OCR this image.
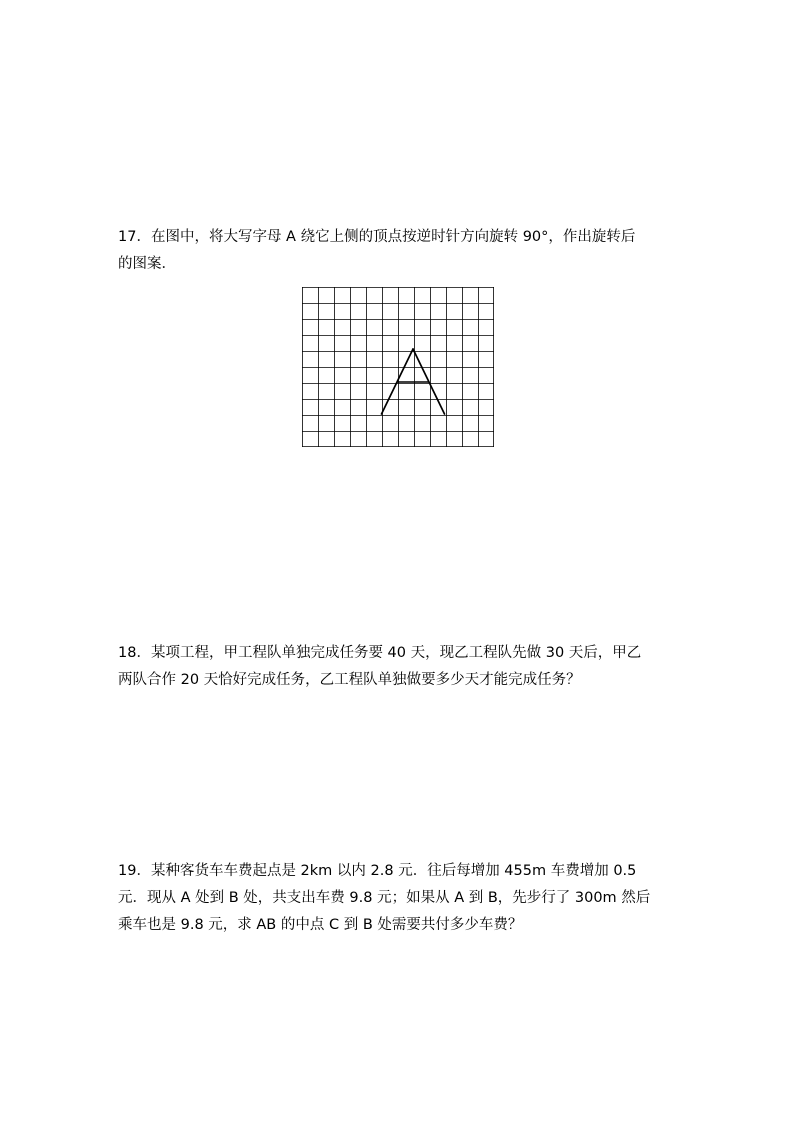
17．在图中，将大写字母 A 绕它上侧的顶点按逆时针方向旋转 90°，作出旋转后
的图案．
18．某项工程，甲工程队单独完成任务要 40 天，现乙工程队先做 30 天后，甲乙
两队合作 20 天恰好完成任务，乙工程队单独做要多少天才能完成任务？
19．某种客货车车费起点是 2km 以内 2.8 元．往后每增加 455m 车费增加 0.5
元．现从 A 处到 B 处，共支出车费 9.8 元；如果从 A 到 B，先步行了 300m 然后
乘车也是 9.8 元，求 AB 的中点 C 到 B 处需要共付多少车费？
